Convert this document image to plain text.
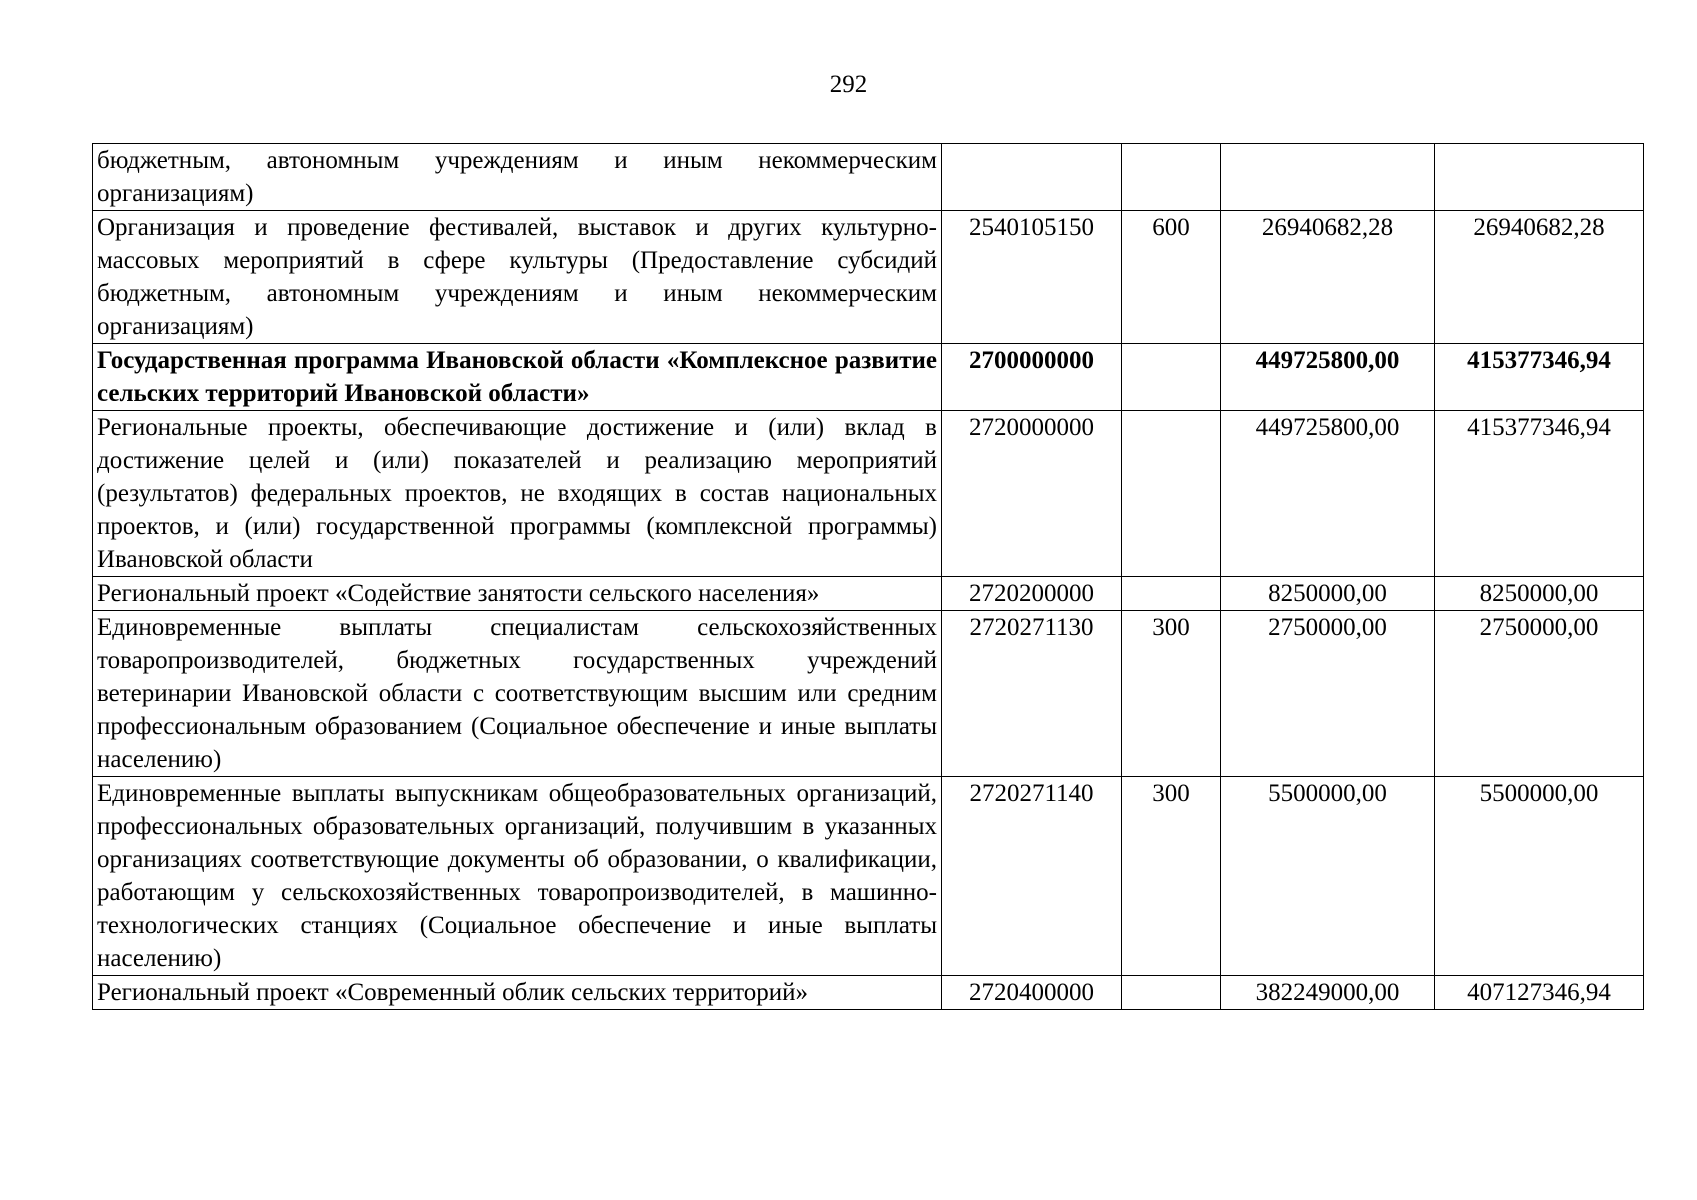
292
бюджетным, автономным учреждениям и иным некоммерческим организациям)				
Организация и проведение фестивалей, выставок и других культурно-массовых мероприятий в сфере культуры (Предоставление субсидий бюджетным, автономным учреждениям и иным некоммерческим организациям)	2540105150	600	26940682,28	26940682,28
Государственная программа Ивановской области «Комплексное развитие сельских территорий Ивановской области»	2700000000		449725800,00	415377346,94
Региональные проекты, обеспечивающие достижение и (или) вклад в достижение целей и (или) показателей и реализацию мероприятий (результатов) федеральных проектов, не входящих в состав национальных проектов, и (или) государственной программы (комплексной программы) Ивановской области	2720000000		449725800,00	415377346,94
Региональный проект «Содействие занятости сельского населения»	2720200000		8250000,00	8250000,00
Единовременные выплаты специалистам сельскохозяйственных товаропроизводителей, бюджетных государственных учреждений ветеринарии Ивановской области с соответствующим высшим или средним профессиональным образованием (Социальное обеспечение и иные выплаты населению)	2720271130	300	2750000,00	2750000,00
Единовременные выплаты выпускникам общеобразовательных организаций, профессиональных образовательных организаций, получившим в указанных организациях соответствующие документы об образовании, о квалификации, работающим у сельскохозяйственных товаропроизводителей, в машинно-технологических станциях (Социальное обеспечение и иные выплаты населению)	2720271140	300	5500000,00	5500000,00
Региональный проект «Современный облик сельских территорий»	2720400000		382249000,00	407127346,94
